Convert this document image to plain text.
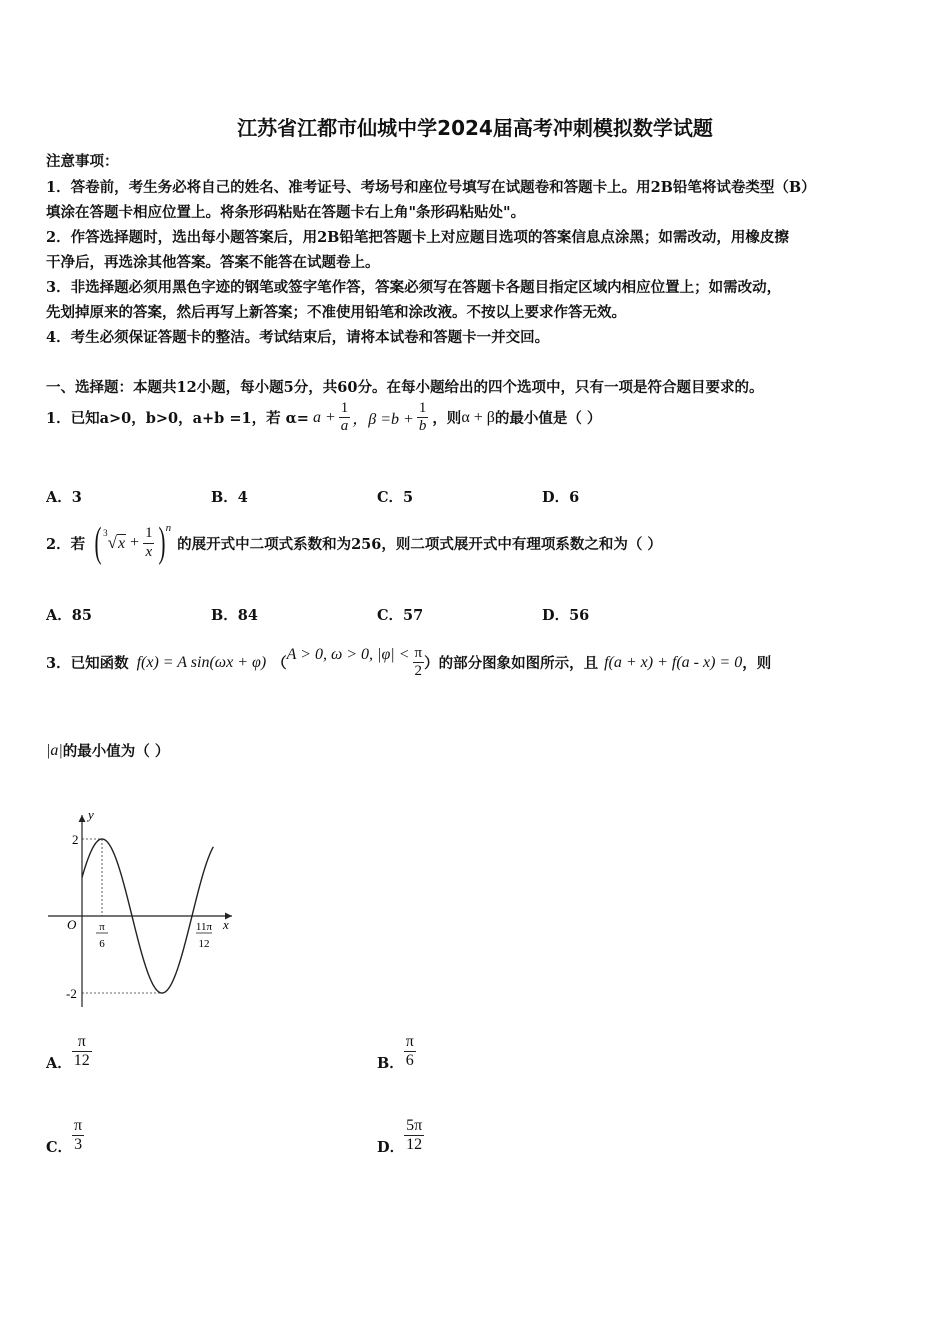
江苏省江都市仙城中学2024届高考冲刺模拟数学试题
注意事项：
1．答卷前，考生务必将自己的姓名、准考证号、考场号和座位号填写在试题卷和答题卡上。用2B铅笔将试卷类型（B）
填涂在答题卡相应位置上。将条形码粘贴在答题卡右上角"条形码粘贴处"。
2．作答选择题时，选出每小题答案后，用2B铅笔把答题卡上对应题目选项的答案信息点涂黑；如需改动，用橡皮擦
干净后，再选涂其他答案。答案不能答在试题卷上。
3．非选择题必须用黑色字迹的钢笔或签字笔作答，答案必须写在答题卡各题目指定区域内相应位置上；如需改动，
先划掉原来的答案，然后再写上新答案；不准使用铅笔和涂改液。不按以上要求作答无效。
4．考生必须保证答题卡的整洁。考试结束后，请将本试卷和答题卡一并交回。
一、选择题：本题共12小题，每小题5分，共60分。在每小题给出的四个选项中，只有一项是符合题目要求的。
1．已知 a>0，b>0，a+b =1，若 $\alpha= a + \frac{1}{a}$ ，$\beta =b + \frac{1}{b}$ ，则 α + β 的最小值是（ ）
A．3	B．4	C．5	D．6
2．若 ( 3 √ $x + \frac{1}{x}$ ) n
的展开式中二项式系数和为256，则二项式展开式中有理项系数之和为（ ）
A．85	B．84	C．57	D．56
3．已知函数 f(x) = A sin(ωx + φ) （
A > 0, ω > 0, $|\varphi| < \frac{\pi}{2}$ ）的部分图象如图所示，且 f(a + x) + f(a - x) = 0 ，则
|a| 的最小值为（ ）
y
x
O
2
-2
π
6
11π
12
A． $\frac{\pi}{12}$	B． $\frac{\pi}{6}$
C． $\frac{\pi}{3}$	D． $\frac{5\pi}{12}$
